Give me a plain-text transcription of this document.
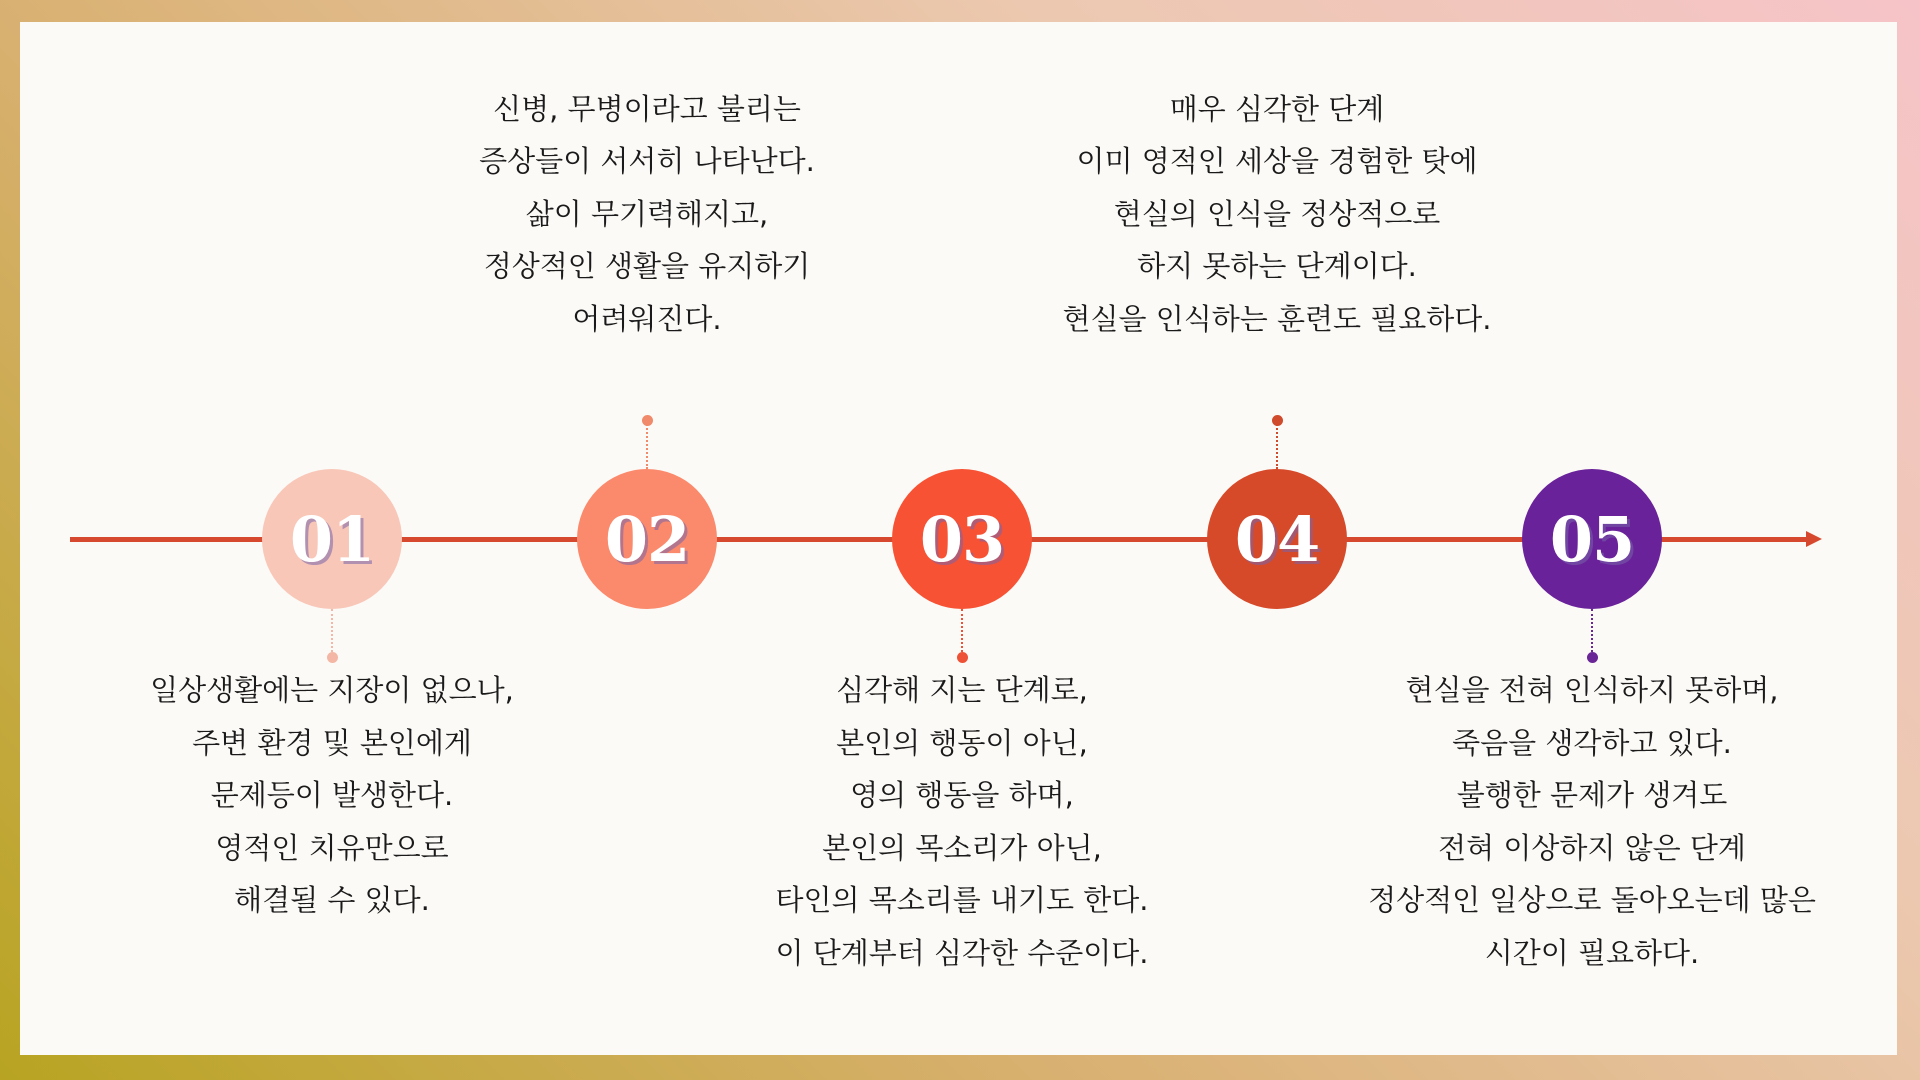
01
일상생활에는 지장이 없으나,
주변 환경 및 본인에게
문제등이 발생한다.
영적인 치유만으로
해결될 수 있다.
02
신병, 무병이라고 불리는
증상들이 서서히 나타난다.
삶이 무기력해지고,
정상적인 생활을 유지하기
어려워진다.
03
심각해 지는 단계로,
본인의 행동이 아닌,
영의 행동을 하며,
본인의 목소리가 아닌,
타인의 목소리를 내기도 한다.
이 단계부터 심각한 수준이다.
04
매우 심각한 단계
이미 영적인 세상을 경험한 탓에
현실의 인식을 정상적으로
하지 못하는 단계이다.
현실을 인식하는 훈련도 필요하다.
05
현실을 전혀 인식하지 못하며,
죽음을 생각하고 있다.
불행한 문제가 생겨도
전혀 이상하지 않은 단계
정상적인 일상으로 돌아오는데 많은
시간이 필요하다.
